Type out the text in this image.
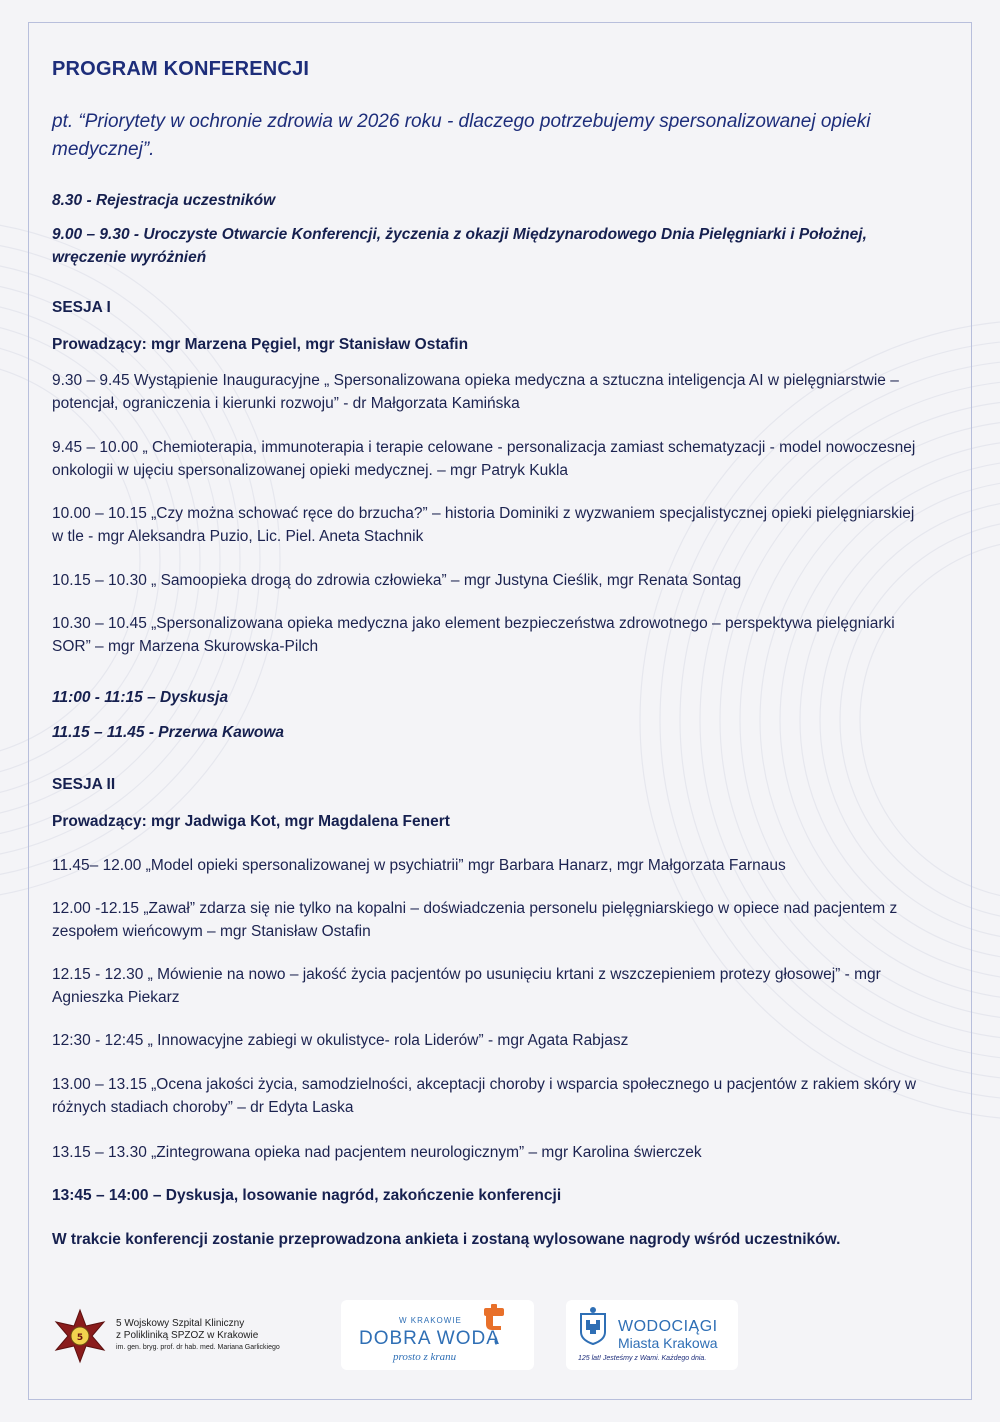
PROGRAM KONFERENCJI
pt. “Priorytety w ochronie zdrowia w 2026 roku - dlaczego potrzebujemy spersonalizowanej opieki medycznej”.
8.30 - Rejestracja uczestników
9.00 – 9.30 - Uroczyste Otwarcie Konferencji, życzenia z okazji Międzynarodowego Dnia Pielęgniarki i Położnej, wręczenie wyróżnień
SESJA I
Prowadzący: mgr Marzena Pęgiel, mgr Stanisław Ostafin
9.30 – 9.45 Wystąpienie Inauguracyjne „ Spersonalizowana opieka medyczna a sztuczna inteligencja AI w pielęgniarstwie – potencjał, ograniczenia i kierunki rozwoju” - dr Małgorzata Kamińska
9.45 – 10.00 „ Chemioterapia, immunoterapia i terapie celowane - personalizacja zamiast schematyzacji - model nowoczesnej onkologii w ujęciu spersonalizowanej opieki medycznej. – mgr Patryk Kukla
10.00 – 10.15 „Czy można schować ręce do brzucha?” – historia Dominiki z wyzwaniem specjalistycznej opieki pielęgniarskiej w tle - mgr Aleksandra Puzio, Lic. Piel. Aneta Stachnik
10.15 – 10.30 „ Samoopieka drogą do zdrowia człowieka” – mgr Justyna Cieślik, mgr Renata Sontag
10.30 – 10.45 „Spersonalizowana opieka medyczna jako element bezpieczeństwa zdrowotnego – perspektywa pielęgniarki SOR” – mgr Marzena Skurowska-Pilch
11:00 - 11:15 – Dyskusja
11.15 – 11.45 - Przerwa Kawowa
SESJA II
Prowadzący: mgr Jadwiga Kot, mgr Magdalena Fenert
11.45– 12.00 „Model opieki spersonalizowanej w psychiatrii” mgr Barbara Hanarz, mgr Małgorzata Farnaus
12.00 -12.15 „Zawał” zdarza się nie tylko na kopalni – doświadczenia personelu pielęgniarskiego w opiece nad pacjentem z zespołem wieńcowym – mgr Stanisław Ostafin
12.15 - 12.30 „ Mówienie na nowo – jakość życia pacjentów po usunięciu krtani z wszczepieniem protezy głosowej” - mgr Agnieszka Piekarz
12:30 - 12:45 „ Innowacyjne zabiegi w okulistyce- rola Liderów” - mgr Agata Rabjasz
13.00 – 13.15 „Ocena jakości życia, samodzielności, akceptacji choroby i wsparcia społecznego u pacjentów z rakiem skóry w różnych stadiach choroby” – dr Edyta Laska
13.15 – 13.30 „Zintegrowana opieka nad pacjentem neurologicznym” – mgr Karolina świerczek
13:45 – 14:00 – Dyskusja, losowanie nagród, zakończenie konferencji
W trakcie konferencji zostanie przeprowadzona ankieta i zostaną wylosowane nagrody wśród uczestników.
5
5 Wojskowy Szpital Kliniczny
z Polikliniką SPZOZ w Krakowie
im. gen. bryg. prof. dr hab. med. Mariana Garlickiego
W KRAKOWIE
DOBRA WODA
prosto z kranu
WODOCIĄGI
Miasta Krakowa
125 lat! Jesteśmy z Wami. Każdego dnia.
